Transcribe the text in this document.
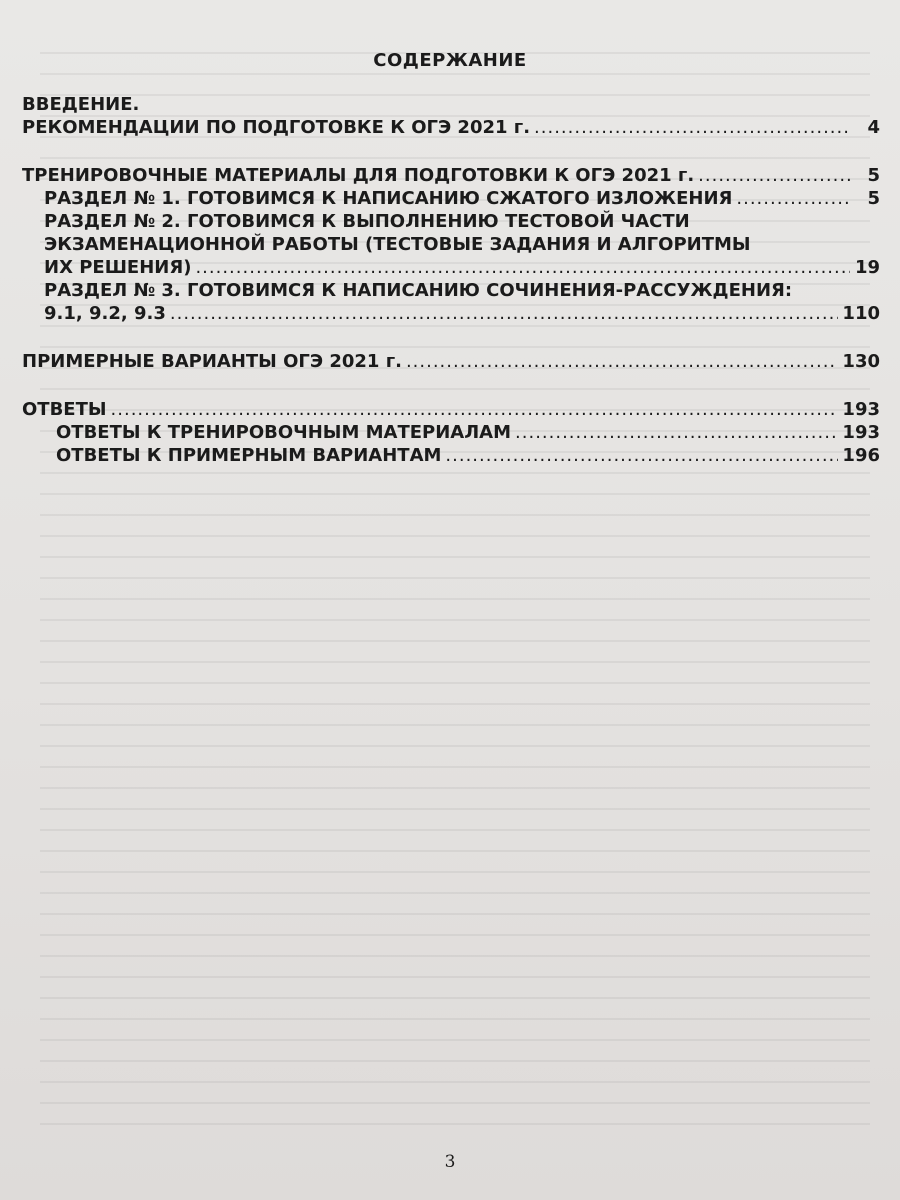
СОДЕРЖАНИЕ
ВВЕДЕНИЕ.
РЕКОМЕНДАЦИИ ПО ПОДГОТОВКЕ К ОГЭ 2021 г. .....	4
ТРЕНИРОВОЧНЫЕ МАТЕРИАЛЫ ДЛЯ ПОДГОТОВКИ К ОГЭ 2021 г. .....	5
РАЗДЕЛ № 1. ГОТОВИМСЯ К НАПИСАНИЮ СЖАТОГО ИЗЛОЖЕНИЯ .....	5
РАЗДЕЛ № 2. ГОТОВИМСЯ К ВЫПОЛНЕНИЮ ТЕСТОВОЙ ЧАСТИ
ЭКЗАМЕНАЦИОННОЙ РАБОТЫ (ТЕСТОВЫЕ ЗАДАНИЯ И АЛГОРИТМЫ
ИХ РЕШЕНИЯ) .....	19
РАЗДЕЛ № 3. ГОТОВИМСЯ К НАПИСАНИЮ СОЧИНЕНИЯ-РАССУЖДЕНИЯ:
9.1, 9.2, 9.3 .....	110
ПРИМЕРНЫЕ ВАРИАНТЫ ОГЭ 2021 г. .....	130
ОТВЕТЫ .....	193
ОТВЕТЫ К ТРЕНИРОВОЧНЫМ МАТЕРИАЛАМ .....	193
ОТВЕТЫ К ПРИМЕРНЫМ ВАРИАНТАМ .....	196
3
